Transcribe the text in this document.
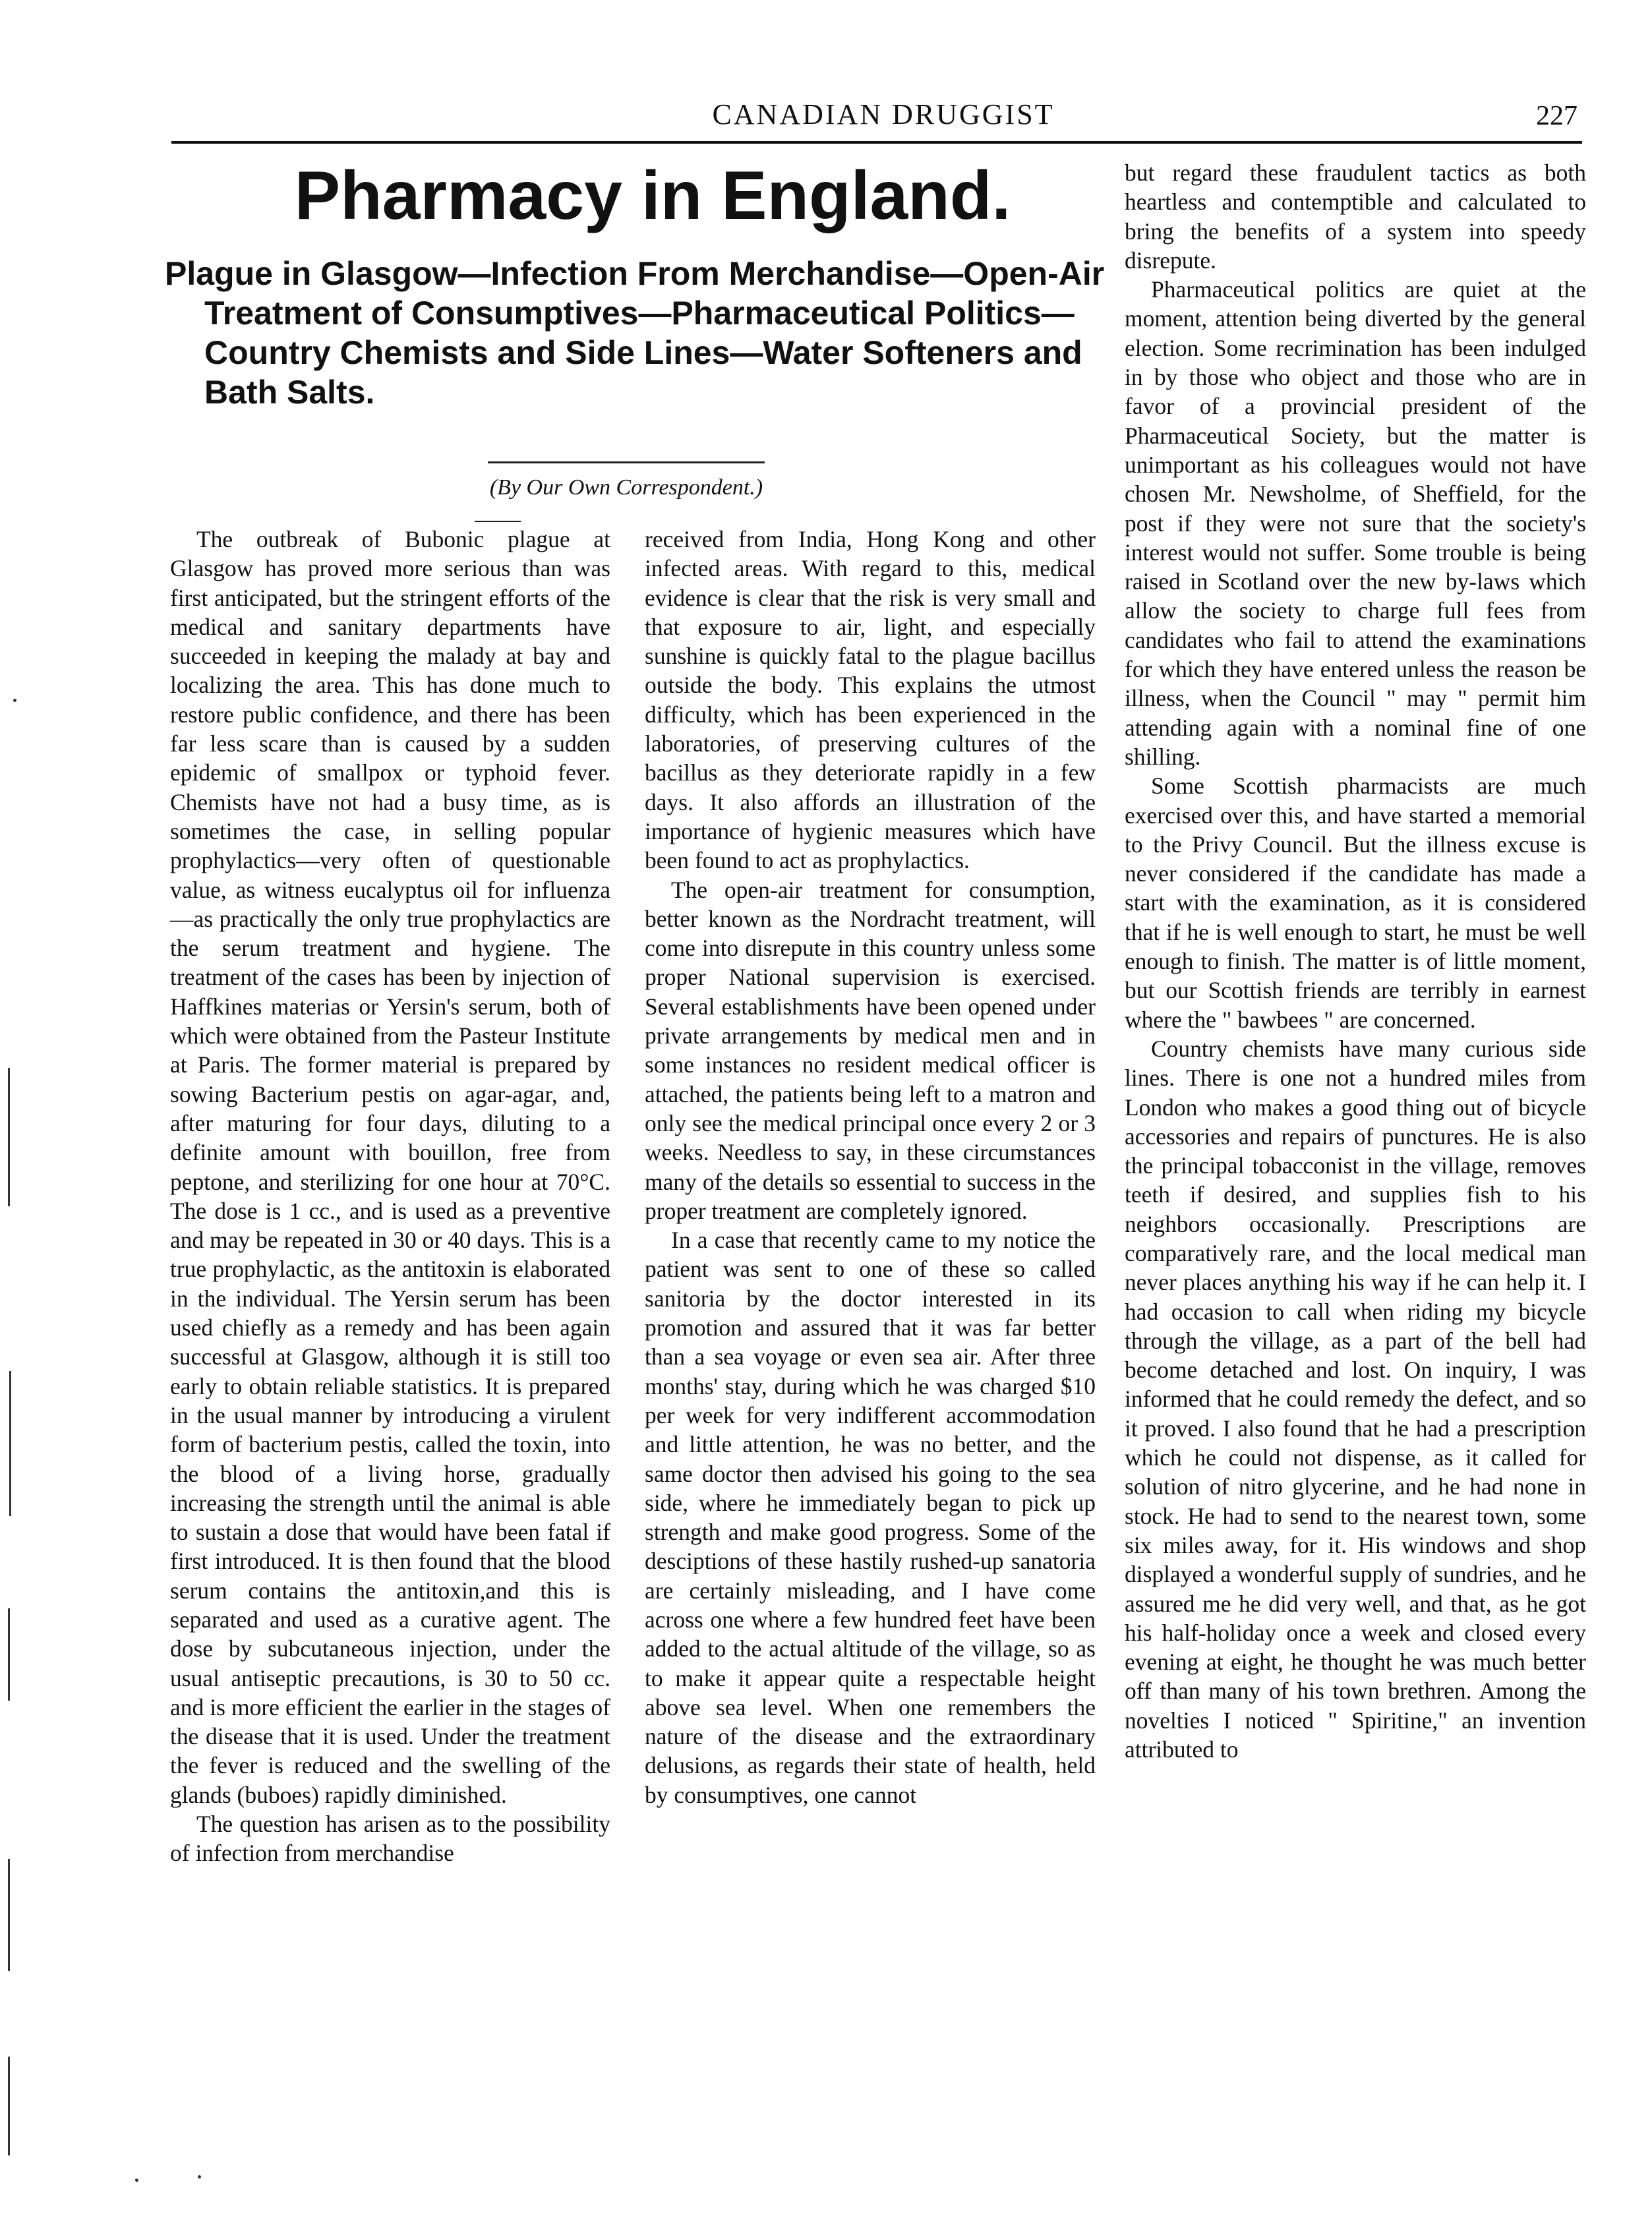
CANADIAN DRUGGIST	227
Pharmacy in England.
Plague in Glasgow—Infection From Merchandise—Open-Air Treatment of Consumptives—Pharmaceutical Politics—Country Chemists and Side Lines—Water Softeners and Bath Salts.
(By Our Own Correspondent.)

The outbreak of Bubonic plague at Glasgow has proved more serious than was first anticipated, but the stringent efforts of the medical and sanitary departments have succeeded in keeping the malady at bay and localizing the area. This has done much to restore public confidence, and there has been far less scare than is caused by a sudden epidemic of smallpox or typhoid fever. Chemists have not had a busy time, as is sometimes the case, in selling popular prophylactics—very often of questionable value, as witness eucalyptus oil for influenza—as practically the only true prophylactics are the serum treatment and hygiene. The treatment of the cases has been by injection of Haffkines materias or Yersin's serum, both of which were obtained from the Pasteur Institute at Paris. The former material is prepared by sowing Bacterium pestis on agar-agar, and, after maturing for four days, diluting to a definite amount with bouillon, free from peptone, and sterilizing for one hour at 70°C. The dose is 1 cc., and is used as a preventive and may be repeated in 30 or 40 days. This is a true prophylactic, as the antitoxin is elaborated in the individual. The Yersin serum has been used chiefly as a remedy and has been again successful at Glasgow, although it is still too early to obtain reliable statistics. It is prepared in the usual manner by introducing a virulent form of bacterium pestis, called the toxin, into the blood of a living horse, gradually increasing the strength until the animal is able to sustain a dose that would have been fatal if first introduced. It is then found that the blood serum contains the antitoxin,and this is separated and used as a curative agent. The dose by subcutaneous injection, under the usual antiseptic precautions, is 30 to 50 cc. and is more efficient the earlier in the stages of the disease that it is used. Under the treatment the fever is reduced and the swelling of the glands (buboes) rapidly diminished.

The question has arisen as to the possibility of infection from merchandise

received from India, Hong Kong and other infected areas. With regard to this, medical evidence is clear that the risk is very small and that exposure to air, light, and especially sunshine is quickly fatal to the plague bacillus outside the body. This explains the utmost difficulty, which has been experienced in the laboratories, of preserving cultures of the bacillus as they deteriorate rapidly in a few days. It also affords an illustration of the importance of hygienic measures which have been found to act as prophylactics.

The open-air treatment for consumption, better known as the Nordracht treatment, will come into disrepute in this country unless some proper National supervision is exercised. Several establishments have been opened under private arrangements by medical men and in some instances no resident medical officer is attached, the patients being left to a matron and only see the medical principal once every 2 or 3 weeks. Needless to say, in these circumstances many of the details so essential to success in the proper treatment are completely ignored.

In a case that recently came to my notice the patient was sent to one of these so called sanitoria by the doctor interested in its promotion and assured that it was far better than a sea voyage or even sea air. After three months' stay, during which he was charged $10 per week for very indifferent accommodation and little attention, he was no better, and the same doctor then advised his going to the sea side, where he immediately began to pick up strength and make good progress. Some of the desciptions of these hastily rushed-up sanatoria are certainly misleading, and I have come across one where a few hundred feet have been added to the actual altitude of the village, so as to make it appear quite a respectable height above sea level. When one remembers the nature of the disease and the extraordinary delusions, as regards their state of health, held by consumptives, one cannot

but regard these fraudulent tactics as both heartless and contemptible and calculated to bring the benefits of a system into speedy disrepute.

Pharmaceutical politics are quiet at the moment, attention being diverted by the general election. Some recrimination has been indulged in by those who object and those who are in favor of a provincial president of the Pharmaceutical Society, but the matter is unimportant as his colleagues would not have chosen Mr. Newsholme, of Sheffield, for the post if they were not sure that the society's interest would not suffer. Some trouble is being raised in Scotland over the new by-laws which allow the society to charge full fees from candidates who fail to attend the examinations for which they have entered unless the reason be illness, when the Council " may " permit him attending again with a nominal fine of one shilling.

Some Scottish pharmacists are much exercised over this, and have started a memorial to the Privy Council. But the illness excuse is never considered if the candidate has made a start with the examination, as it is considered that if he is well enough to start, he must be well enough to finish. The matter is of little moment, but our Scottish friends are terribly in earnest where the " bawbees " are concerned.

Country chemists have many curious side lines. There is one not a hundred miles from London who makes a good thing out of bicycle accessories and repairs of punctures. He is also the principal tobacconist in the village, removes teeth if desired, and supplies fish to his neighbors occasionally. Prescriptions are comparatively rare, and the local medical man never places anything his way if he can help it. I had occasion to call when riding my bicycle through the village, as a part of the bell had become detached and lost. On inquiry, I was informed that he could remedy the defect, and so it proved. I also found that he had a prescription which he could not dispense, as it called for solution of nitro glycerine, and he had none in stock. He had to send to the nearest town, some six miles away, for it. His windows and shop displayed a wonderful supply of sundries, and he assured me he did very well, and that, as he got his half-holiday once a week and closed every evening at eight, he thought he was much better off than many of his town brethren. Among the novelties I noticed " Spiritine," an invention attributed to
